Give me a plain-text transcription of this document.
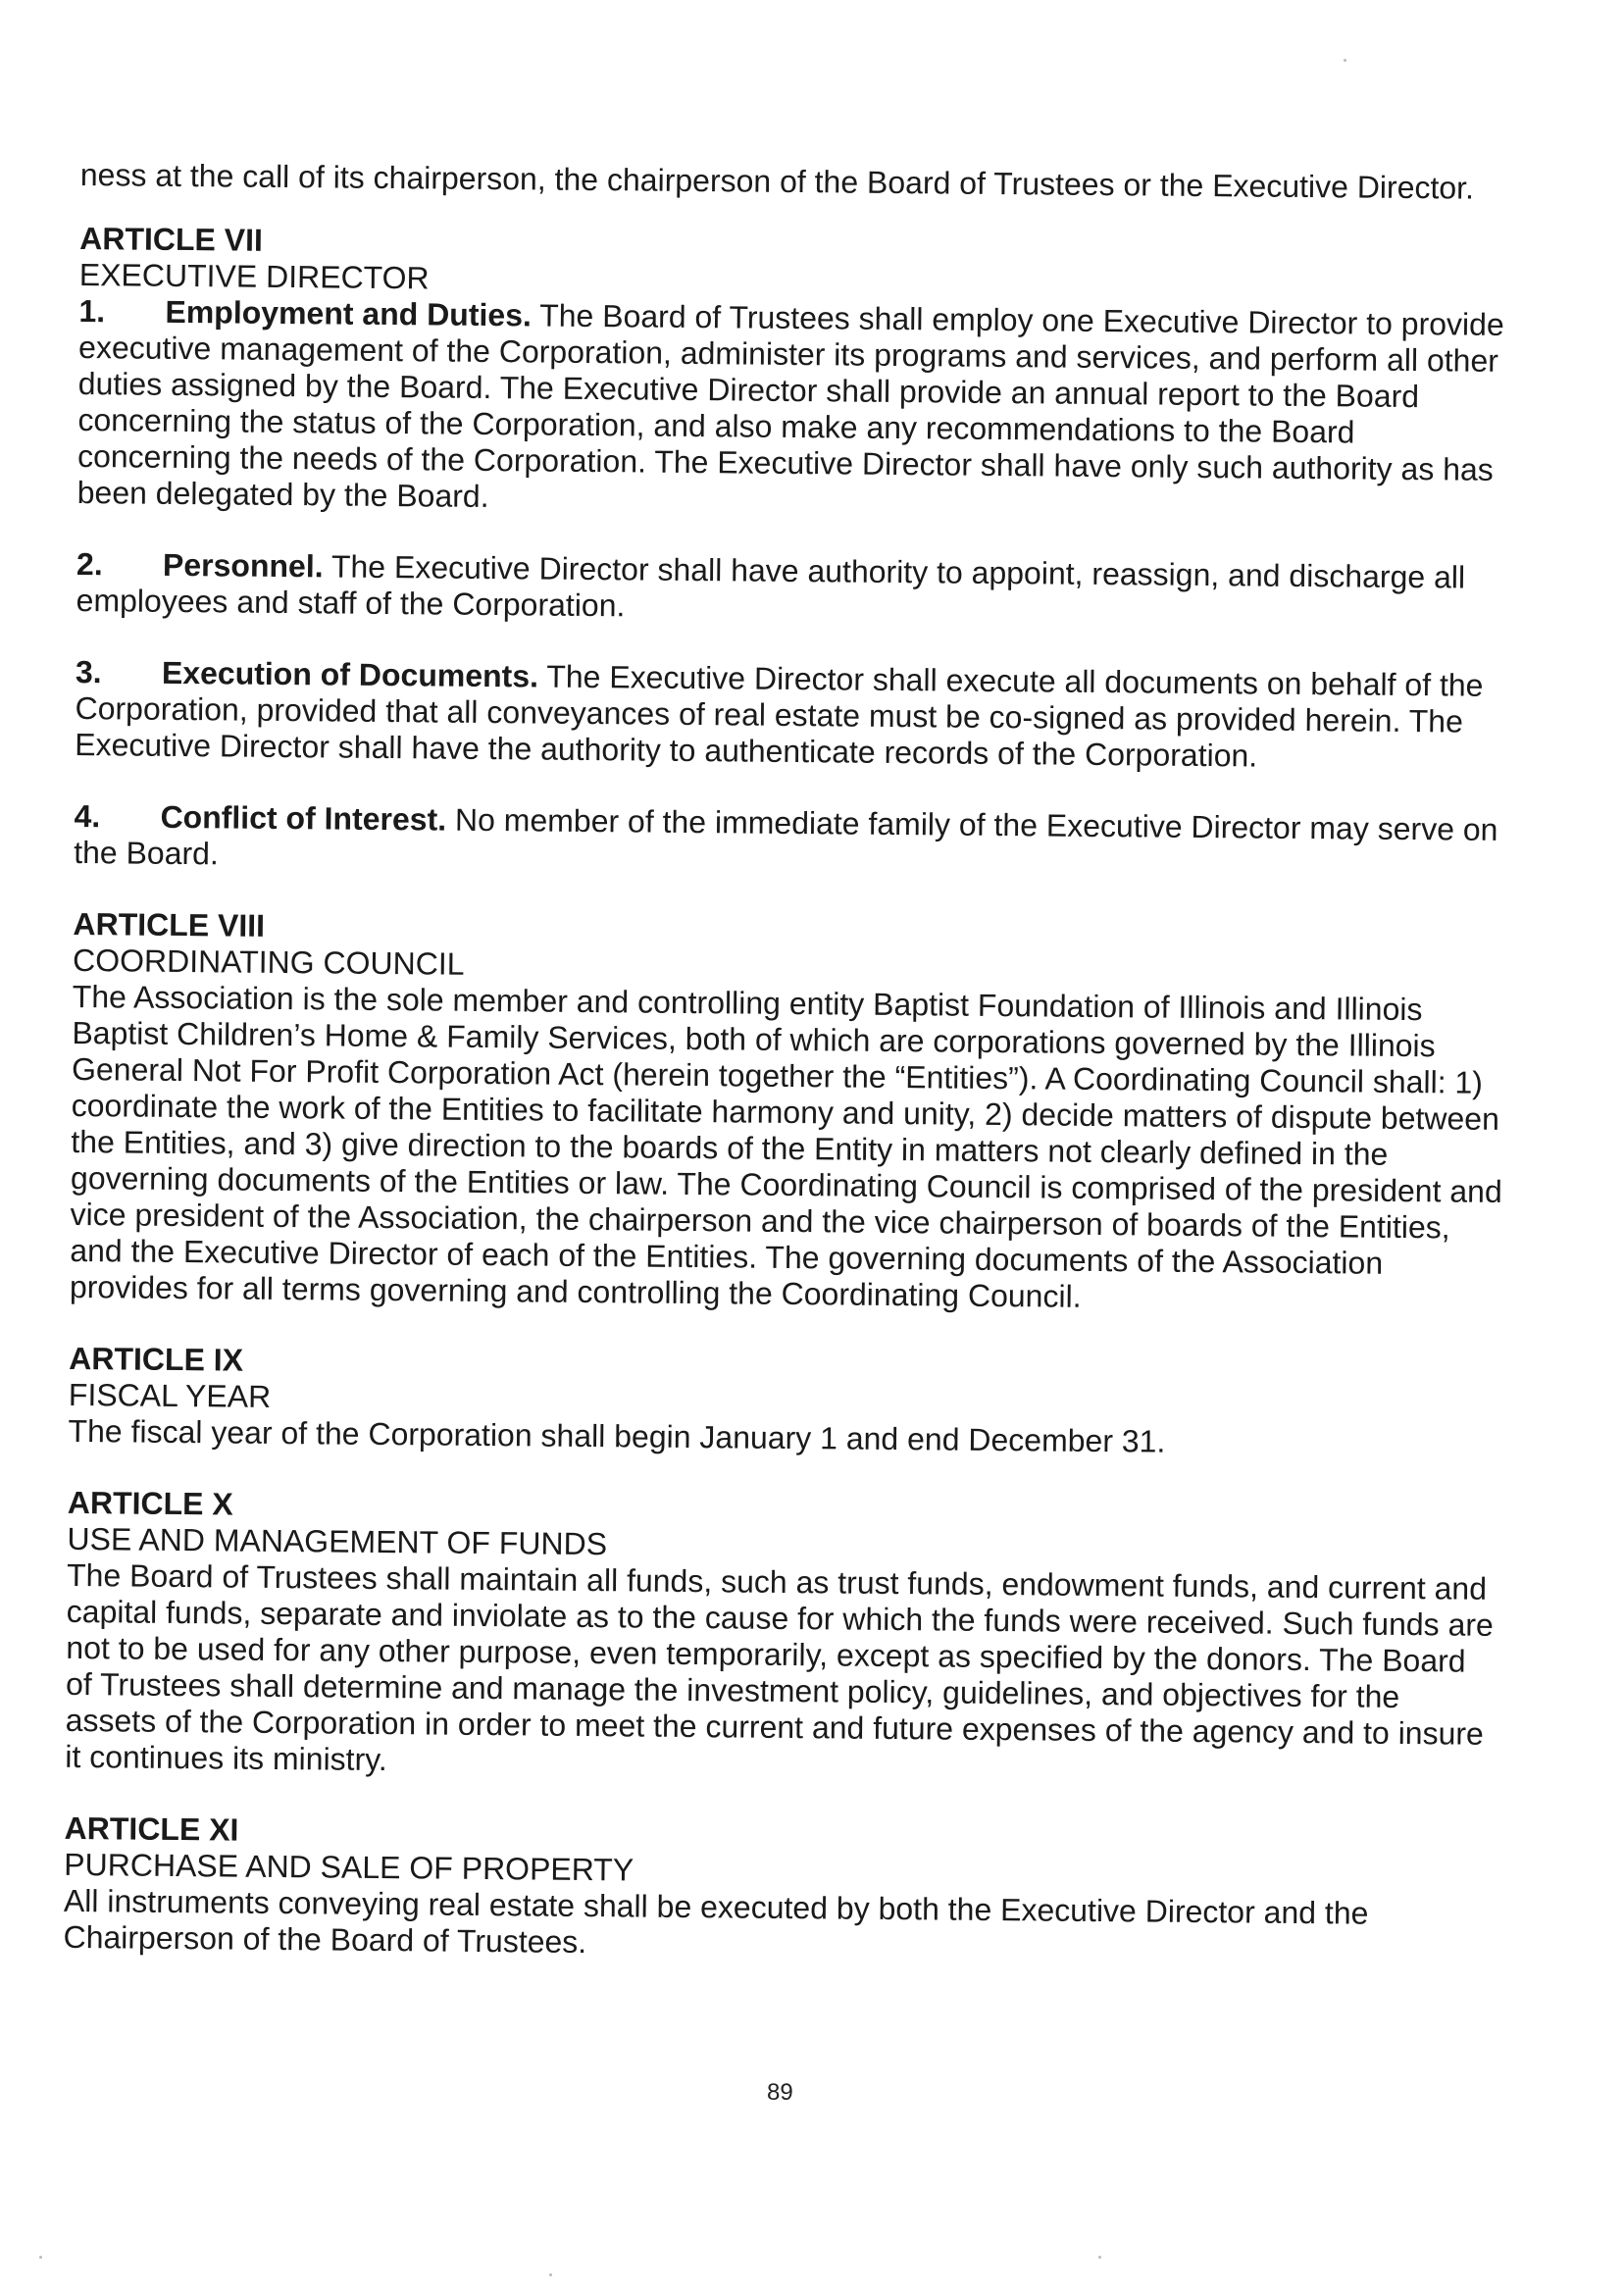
ness at the call of its chairperson, the chairperson of the Board of Trustees or the Executive Director.

ARTICLE VII

EXECUTIVE DIRECTOR

1. Employment and Duties. The Board of Trustees shall employ one Executive Director to provide executive management of the Corporation, administer its programs and services, and perform all other duties assigned by the Board. The Executive Director shall provide an annual report to the Board concerning the status of the Corporation, and also make any recommendations to the Board concerning the needs of the Corporation. The Executive Director shall have only such authority as has been delegated by the Board.

2. Personnel. The Executive Director shall have authority to appoint, reassign, and discharge all employees and staff of the Corporation.

3. Execution of Documents. The Executive Director shall execute all documents on behalf of the Corporation, provided that all conveyances of real estate must be co-signed as provided herein. The Executive Director shall have the authority to authenticate records of the Corporation.

4. Conflict of Interest. No member of the immediate family of the Executive Director may serve on the Board.

ARTICLE VIII

COORDINATING COUNCIL

The Association is the sole member and controlling entity Baptist Foundation of Illinois and Illinois Baptist Children’s Home & Family Services, both of which are corporations governed by the Illinois General Not For Profit Corporation Act (herein together the “Entities”). A Coordinating Council shall: 1) coordinate the work of the Entities to facilitate harmony and unity, 2) decide matters of dispute between the Entities, and 3) give direction to the boards of the Entity in matters not clearly defined in the governing documents of the Entities or law. The Coordinating Council is comprised of the president and vice president of the Association, the chairperson and the vice chairperson of boards of the Entities, and the Executive Director of each of the Entities. The governing documents of the Association provides for all terms governing and controlling the Coordinating Council.

ARTICLE IX

FISCAL YEAR

The fiscal year of the Corporation shall begin January 1 and end December 31.

ARTICLE X

USE AND MANAGEMENT OF FUNDS

The Board of Trustees shall maintain all funds, such as trust funds, endowment funds, and current and capital funds, separate and inviolate as to the cause for which the funds were received. Such funds are not to be used for any other purpose, even temporarily, except as specified by the donors. The Board of Trustees shall determine and manage the investment policy, guidelines, and objectives for the assets of the Corporation in order to meet the current and future expenses of the agency and to insure it continues its ministry.

ARTICLE XI

PURCHASE AND SALE OF PROPERTY

All instruments conveying real estate shall be executed by both the Executive Director and the Chairperson of the Board of Trustees.

89
